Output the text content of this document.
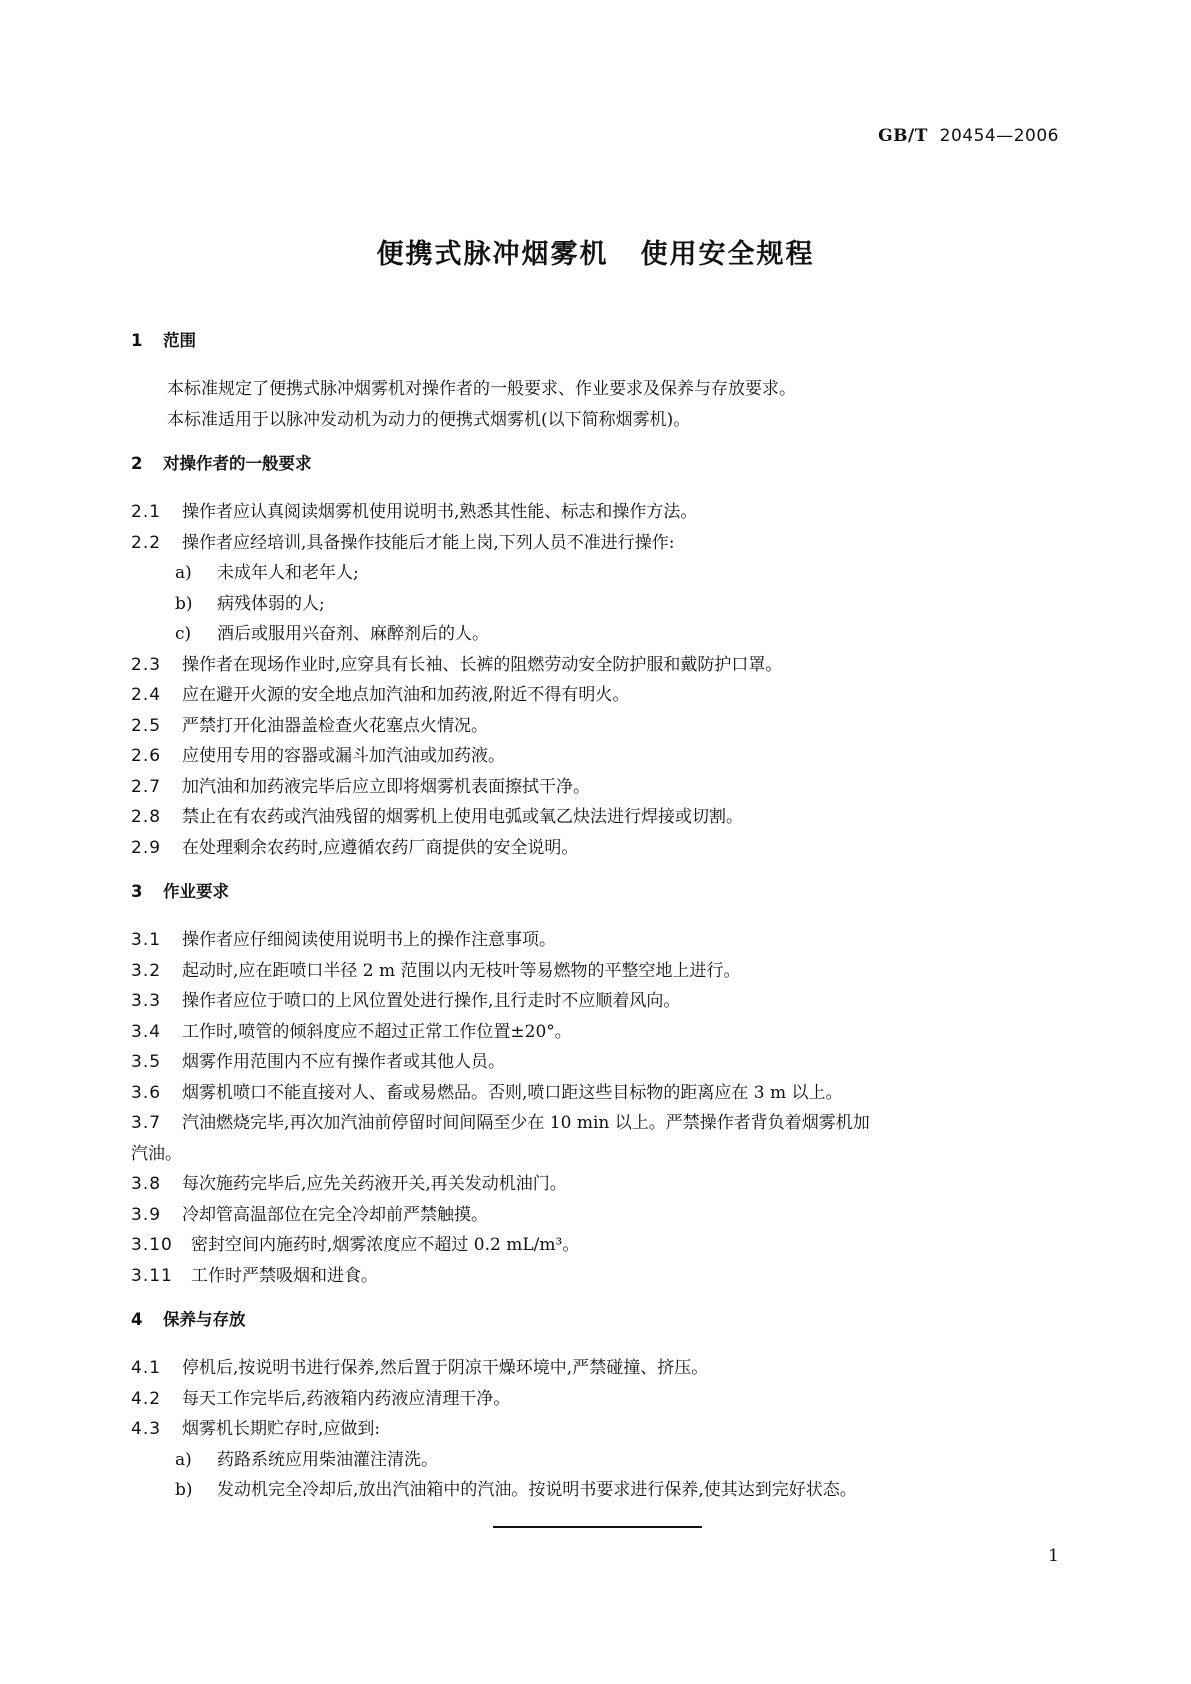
GB/T 20454—2006
便携式脉冲烟雾机 使用安全规程
1 范围
本标准规定了便携式脉冲烟雾机对操作者的一般要求、作业要求及保养与存放要求。
本标准适用于以脉冲发动机为动力的便携式烟雾机(以下简称烟雾机)。
2 对操作者的一般要求
2.1 操作者应认真阅读烟雾机使用说明书,熟悉其性能、标志和操作方法。
2.2 操作者应经培训,具备操作技能后才能上岗,下列人员不准进行操作:
a) 未成年人和老年人;
b) 病残体弱的人;
c) 酒后或服用兴奋剂、麻醉剂后的人。
2.3 操作者在现场作业时,应穿具有长袖、长裤的阻燃劳动安全防护服和戴防护口罩。
2.4 应在避开火源的安全地点加汽油和加药液,附近不得有明火。
2.5 严禁打开化油器盖检查火花塞点火情况。
2.6 应使用专用的容器或漏斗加汽油或加药液。
2.7 加汽油和加药液完毕后应立即将烟雾机表面擦拭干净。
2.8 禁止在有农药或汽油残留的烟雾机上使用电弧或氧乙炔法进行焊接或切割。
2.9 在处理剩余农药时,应遵循农药厂商提供的安全说明。
3 作业要求
3.1 操作者应仔细阅读使用说明书上的操作注意事项。
3.2 起动时,应在距喷口半径 2 m 范围以内无枝叶等易燃物的平整空地上进行。
3.3 操作者应位于喷口的上风位置处进行操作,且行走时不应顺着风向。
3.4 工作时,喷管的倾斜度应不超过正常工作位置±20°。
3.5 烟雾作用范围内不应有操作者或其他人员。
3.6 烟雾机喷口不能直接对人、畜或易燃品。否则,喷口距这些目标物的距离应在 3 m 以上。
3.7 汽油燃烧完毕,再次加汽油前停留时间间隔至少在 10 min 以上。严禁操作者背负着烟雾机加
汽油。
3.8 每次施药完毕后,应先关药液开关,再关发动机油门。
3.9 冷却管高温部位在完全冷却前严禁触摸。
3.10 密封空间内施药时,烟雾浓度应不超过 0.2 mL/m³。
3.11 工作时严禁吸烟和进食。
4 保养与存放
4.1 停机后,按说明书进行保养,然后置于阴凉干燥环境中,严禁碰撞、挤压。
4.2 每天工作完毕后,药液箱内药液应清理干净。
4.3 烟雾机长期贮存时,应做到:
a) 药路系统应用柴油灌注清洗。
b) 发动机完全冷却后,放出汽油箱中的汽油。按说明书要求进行保养,使其达到完好状态。
1
